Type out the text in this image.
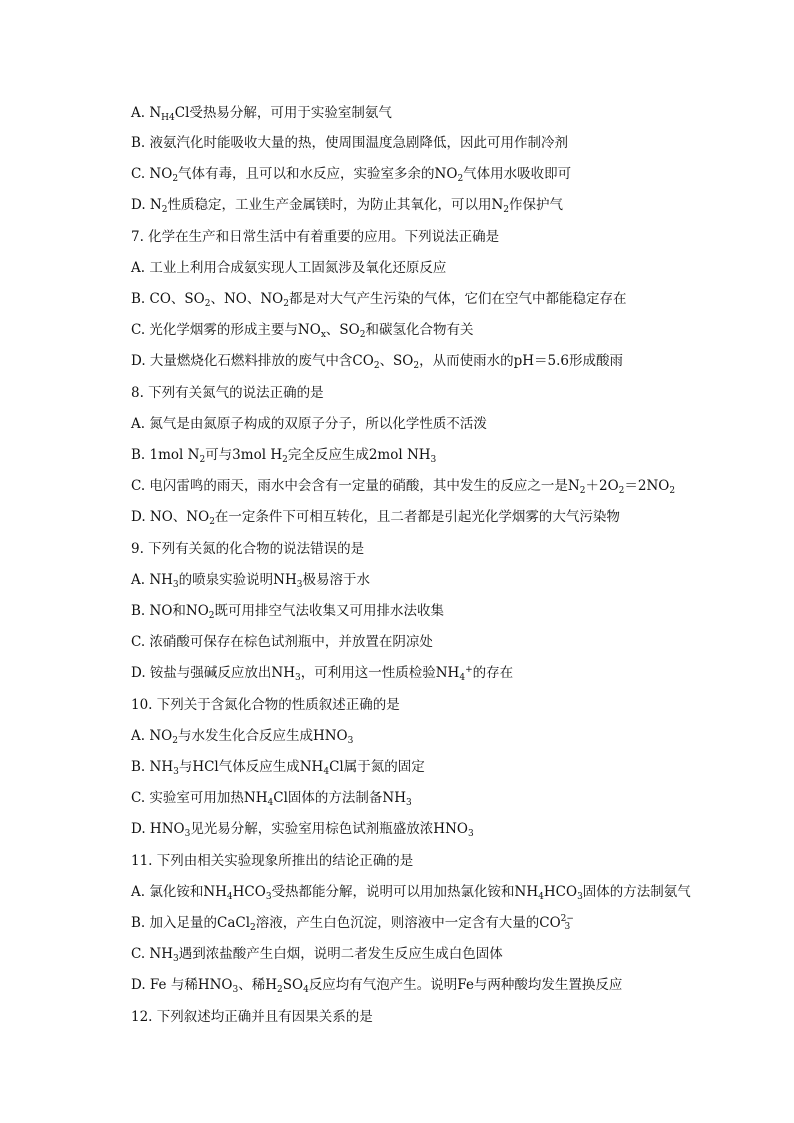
A. $N_{H4}Cl$受热易分解，可用于实验室制氨气
B. 液氨汽化时能吸收大量的热，使周围温度急剧降低，因此可用作制冷剂
C. $NO_2$气体有毒，且可以和水反应，实验室多余的$NO_2$气体用水吸收即可
D. $N_2$性质稳定，工业生产金属镁时，为防止其氧化，可以用$N_2$作保护气
7. 化学在生产和日常生活中有着重要的应用。下列说法正确是
A. 工业上利用合成氨实现人工固氮涉及氧化还原反应
B. CO、$SO_2$、NO、$NO_2$都是对大气产生污染的气体，它们在空气中都能稳定存在
C. 光化学烟雾的形成主要与$NO_x$、$SO_2$和碳氢化合物有关
D. 大量燃烧化石燃料排放的废气中含$CO_2$、$SO_2$，从而使雨水的pH＝5.6形成酸雨
8. 下列有关氮气的说法正确的是
A. 氮气是由氮原子构成的双原子分子，所以化学性质不活泼
B. 1mol $N_2$可与3mol $H_2$完全反应生成2mol $NH_3$
C. 电闪雷鸣的雨天，雨水中会含有一定量的硝酸，其中发生的反应之一是$N_2+2O_2=2NO_2$
D. NO、$NO_2$在一定条件下可相互转化，且二者都是引起光化学烟雾的大气污染物
9. 下列有关氮的化合物的说法错误的是
A. $NH_3$的喷泉实验说明$NH_3$极易溶于水
B. NO和$NO_2$既可用排空气法收集又可用排水法收集
C. 浓硝酸可保存在棕色试剂瓶中，并放置在阴凉处
D. 铵盐与强碱反应放出$NH_3$，可利用这一性质检验$NH_4^+$的存在
10. 下列关于含氮化合物的性质叙述正确的是
A. $NO_2$与水发生化合反应生成$HNO_3$
B. $NH_3$与HCl气体反应生成$NH_4Cl$属于氮的固定
C. 实验室可用加热$NH_4Cl$固体的方法制备$NH_3$
D. $HNO_3$见光易分解，实验室用棕色试剂瓶盛放浓$HNO_3$
11. 下列由相关实验现象所推出的结论正确的是
A. 氯化铵和$NH_4HCO_3$受热都能分解，说明可以用加热氯化铵和$NH_4HCO_3$固体的方法制氨气
B. 加入足量的CaCl$_2$溶液，产生白色沉淀，则溶液中一定含有大量的CO 2−
3
C. $NH_3$遇到浓盐酸产生白烟，说明二者发生反应生成白色固体
D. Fe 与稀$HNO_3$、稀$H_2SO_4$反应均有气泡产生。说明Fe与两种酸均发生置换反应
12. 下列叙述均正确并且有因果关系的是
